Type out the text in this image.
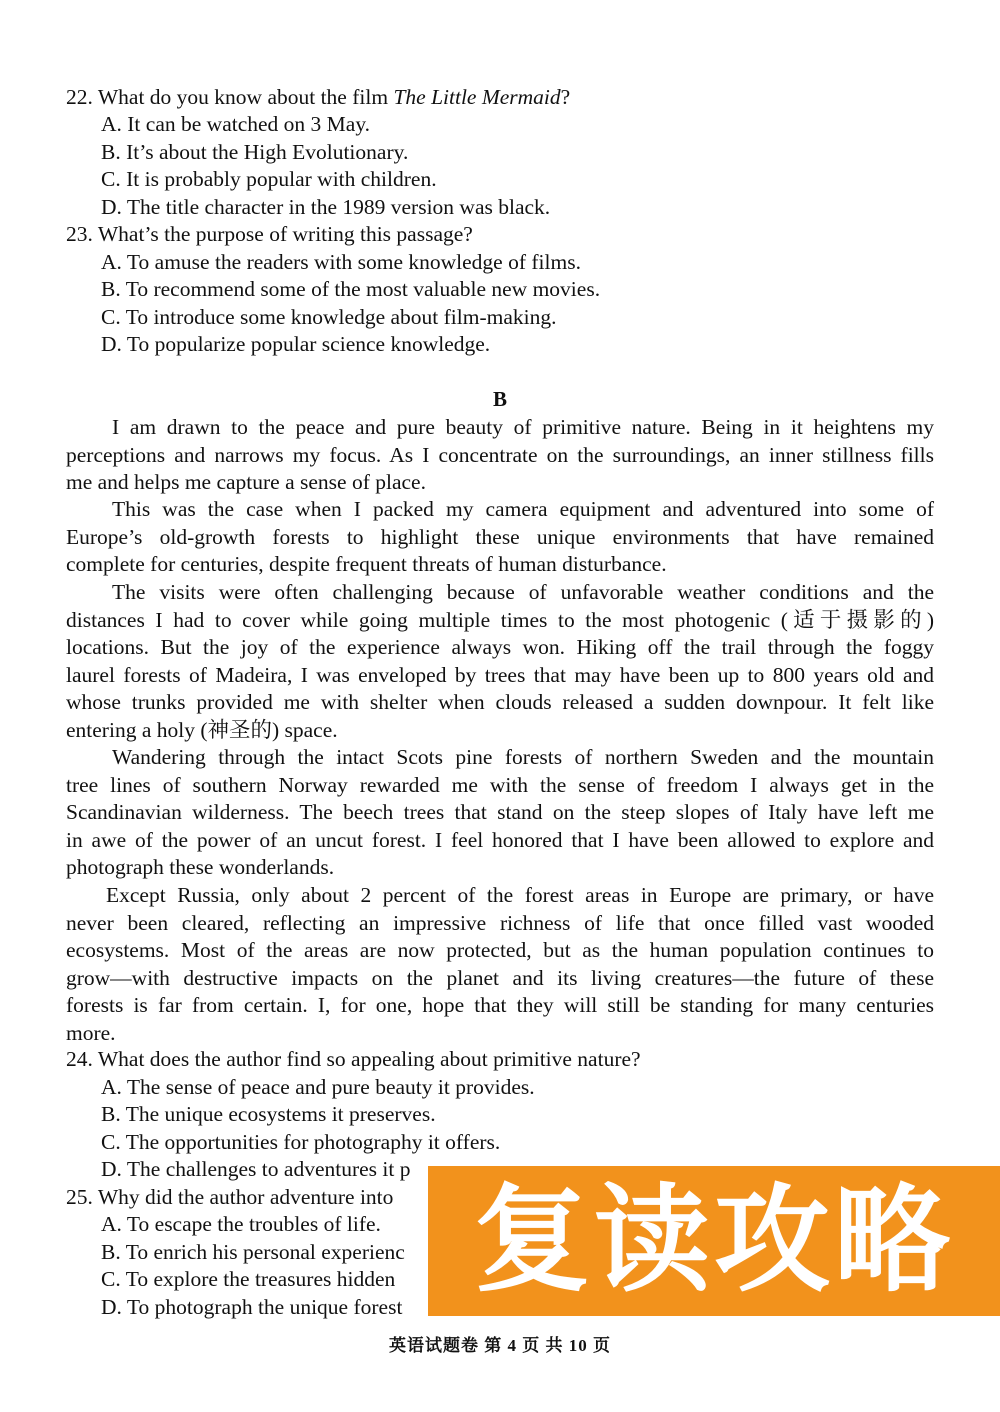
22. What do you know about the film The Little Mermaid?
A. It can be watched on 3 May.
B. It’s about the High Evolutionary.
C. It is probably popular with children.
D. The title character in the 1989 version was black.
23. What’s the purpose of writing this passage?
A. To amuse the readers with some knowledge of films.
B. To recommend some of the most valuable new movies.
C. To introduce some knowledge about film-making.
D. To popularize popular science knowledge.
B
I am drawn to the peace and pure beauty of primitive nature. Being in it heightens my
perceptions and narrows my focus. As I concentrate on the surroundings, an inner stillness fills
me and helps me capture a sense of place.
This was the case when I packed my camera equipment and adventured into some of
Europe’s old-growth forests to highlight these unique environments that have remained
complete for centuries, despite frequent threats of human disturbance.
The visits were often challenging because of unfavorable weather conditions and the
distances I had to cover while going multiple times to the most photogenic (适于摄影的)
locations. But the joy of the experience always won. Hiking off the trail through the foggy
laurel forests of Madeira, I was enveloped by trees that may have been up to 800 years old and
whose trunks provided me with shelter when clouds released a sudden downpour. It felt like
entering a holy (神圣的) space.
Wandering through the intact Scots pine forests of northern Sweden and the mountain
tree lines of southern Norway rewarded me with the sense of freedom I always get in the
Scandinavian wilderness. The beech trees that stand on the steep slopes of Italy have left me
in awe of the power of an uncut forest. I feel honored that I have been allowed to explore and
photograph these wonderlands.
Except Russia, only about 2 percent of the forest areas in Europe are primary, or have
never been cleared, reflecting an impressive richness of life that once filled vast wooded
ecosystems. Most of the areas are now protected, but as the human population continues to
grow—with destructive impacts on the planet and its living creatures—the future of these
forests is far from certain. I, for one, hope that they will still be standing for many centuries
more.
24. What does the author find so appealing about primitive nature?
A. The sense of peace and pure beauty it provides.
B. The unique ecosystems it preserves.
C. The opportunities for photography it offers.
D. The challenges to adventures it p
25. Why did the author adventure into
A. To escape the troubles of life.
B. To enrich his personal experienc
C. To explore the treasures hidden
D. To photograph the unique forest 复读攻略
英语试题卷 第 4 页 共 10 页
